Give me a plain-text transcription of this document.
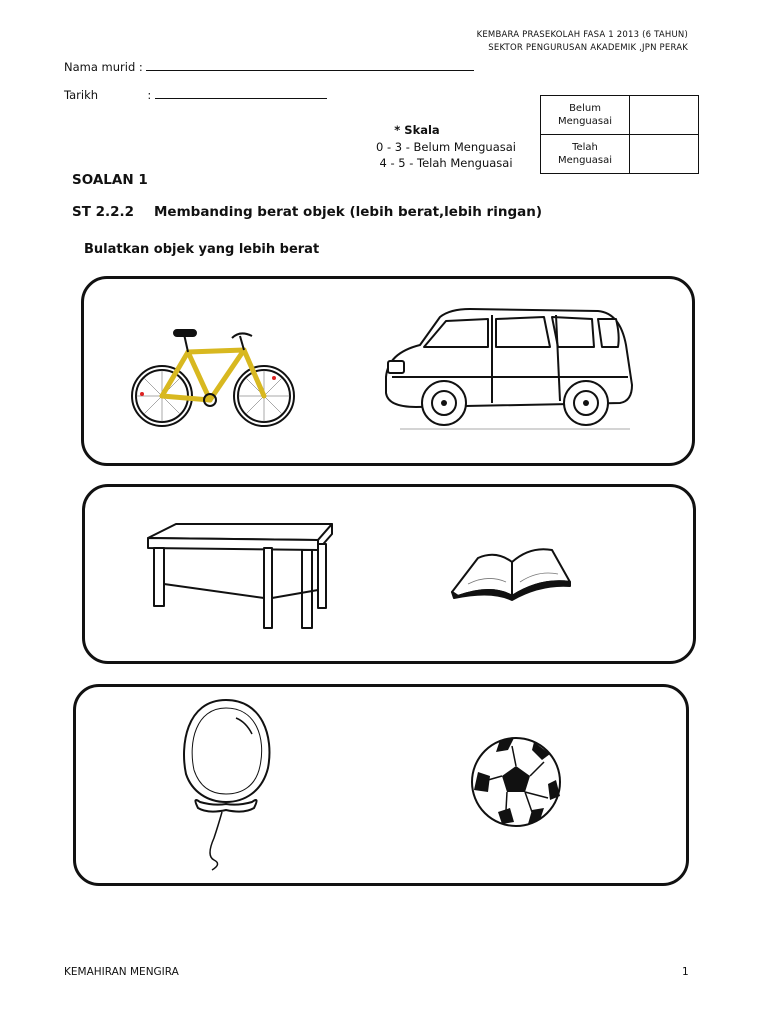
KEMBARA PRASEKOLAH FASA 1 2013 (6 TAHUN)
SEKTOR PENGURUSAN AKADEMIK ,JPN PERAK
Nama murid :
Tarikh	:
* Skala
0 - 3 - Belum Menguasai
4 - 5 - Telah Menguasai
Belum
Menguasai	

Telah
Menguasai	

SOALAN 1
ST 2.2.2 Membanding berat objek (lebih berat,lebih ringan)
Bulatkan objek yang lebih berat
KEMAHIRAN MENGIRA	1
